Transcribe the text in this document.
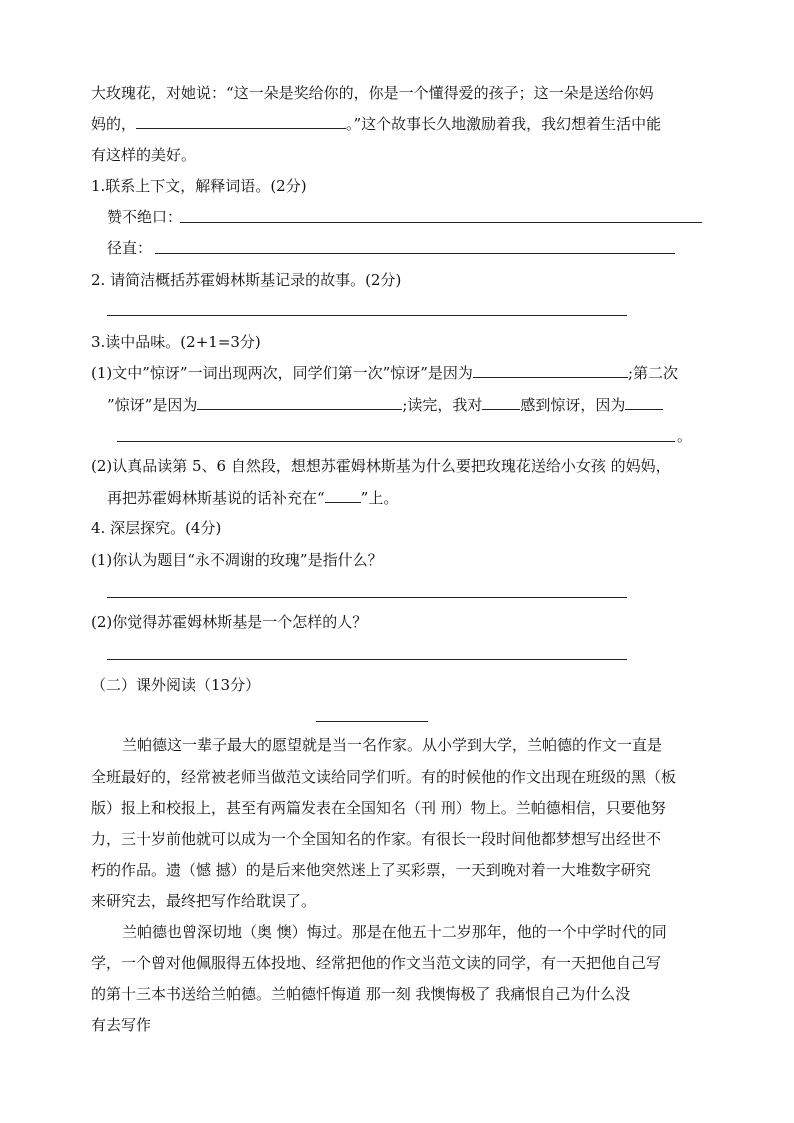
大玫瑰花，对她说：“这一朵是奖给你的，你是一个懂得爱的孩子；这一朵是送给你妈
妈的，	。”这个故事长久地激励着我，我幻想着生活中能
有这样的美好。
1.联系上下文，解释词语。(2分)
赞不绝口：
径直：
2. 请简洁概括苏霍姆林斯基记录的故事。(2分)
3.读中品味。(2+1=3分)
(1)文中”惊讶”一词出现两次，同学们第一次”惊讶”是因为	;第二次
”惊讶”是因为	;读完，我对	感到惊讶，因为
。
(2)认真品读第 5、6 自然段，想想苏霍姆林斯基为什么要把玫瑰花送给小女孩 的妈妈，
再把苏霍姆林斯基说的话补充在“ ”上。
4. 深层探究。(4分)
(1)你认为题目“永不凋谢的玫瑰”是指什么？
(2)你觉得苏霍姆林斯基是一个怎样的人？
（二）课外阅读（13分）
兰帕德这一辈子最大的愿望就是当一名作家。从小学到大学，兰帕德的作文一直是
全班最好的，经常被老师当做范文读给同学们听。有的时候他的作文出现在班级的黑（板
版）报上和校报上，甚至有两篇发表在全国知名（刊 刑）物上。兰帕德相信，只要他努
力，三十岁前他就可以成为一个全国知名的作家。有很长一段时间他都梦想写出经世不
朽的作品。遗（憾 撼）的是后来他突然迷上了买彩票，一天到晚对着一大堆数字研究
来研究去，最终把写作给耽误了。
兰帕德也曾深切地（奥 懊）悔过。那是在他五十二岁那年，他的一个中学时代的同
学，一个曾对他佩服得五体投地、经常把他的作文当范文读的同学，有一天把他自己写
的第十三本书送给兰帕德。兰帕德忏悔道 那一刻 我懊悔极了 我痛恨自己为什么没
有去写作
